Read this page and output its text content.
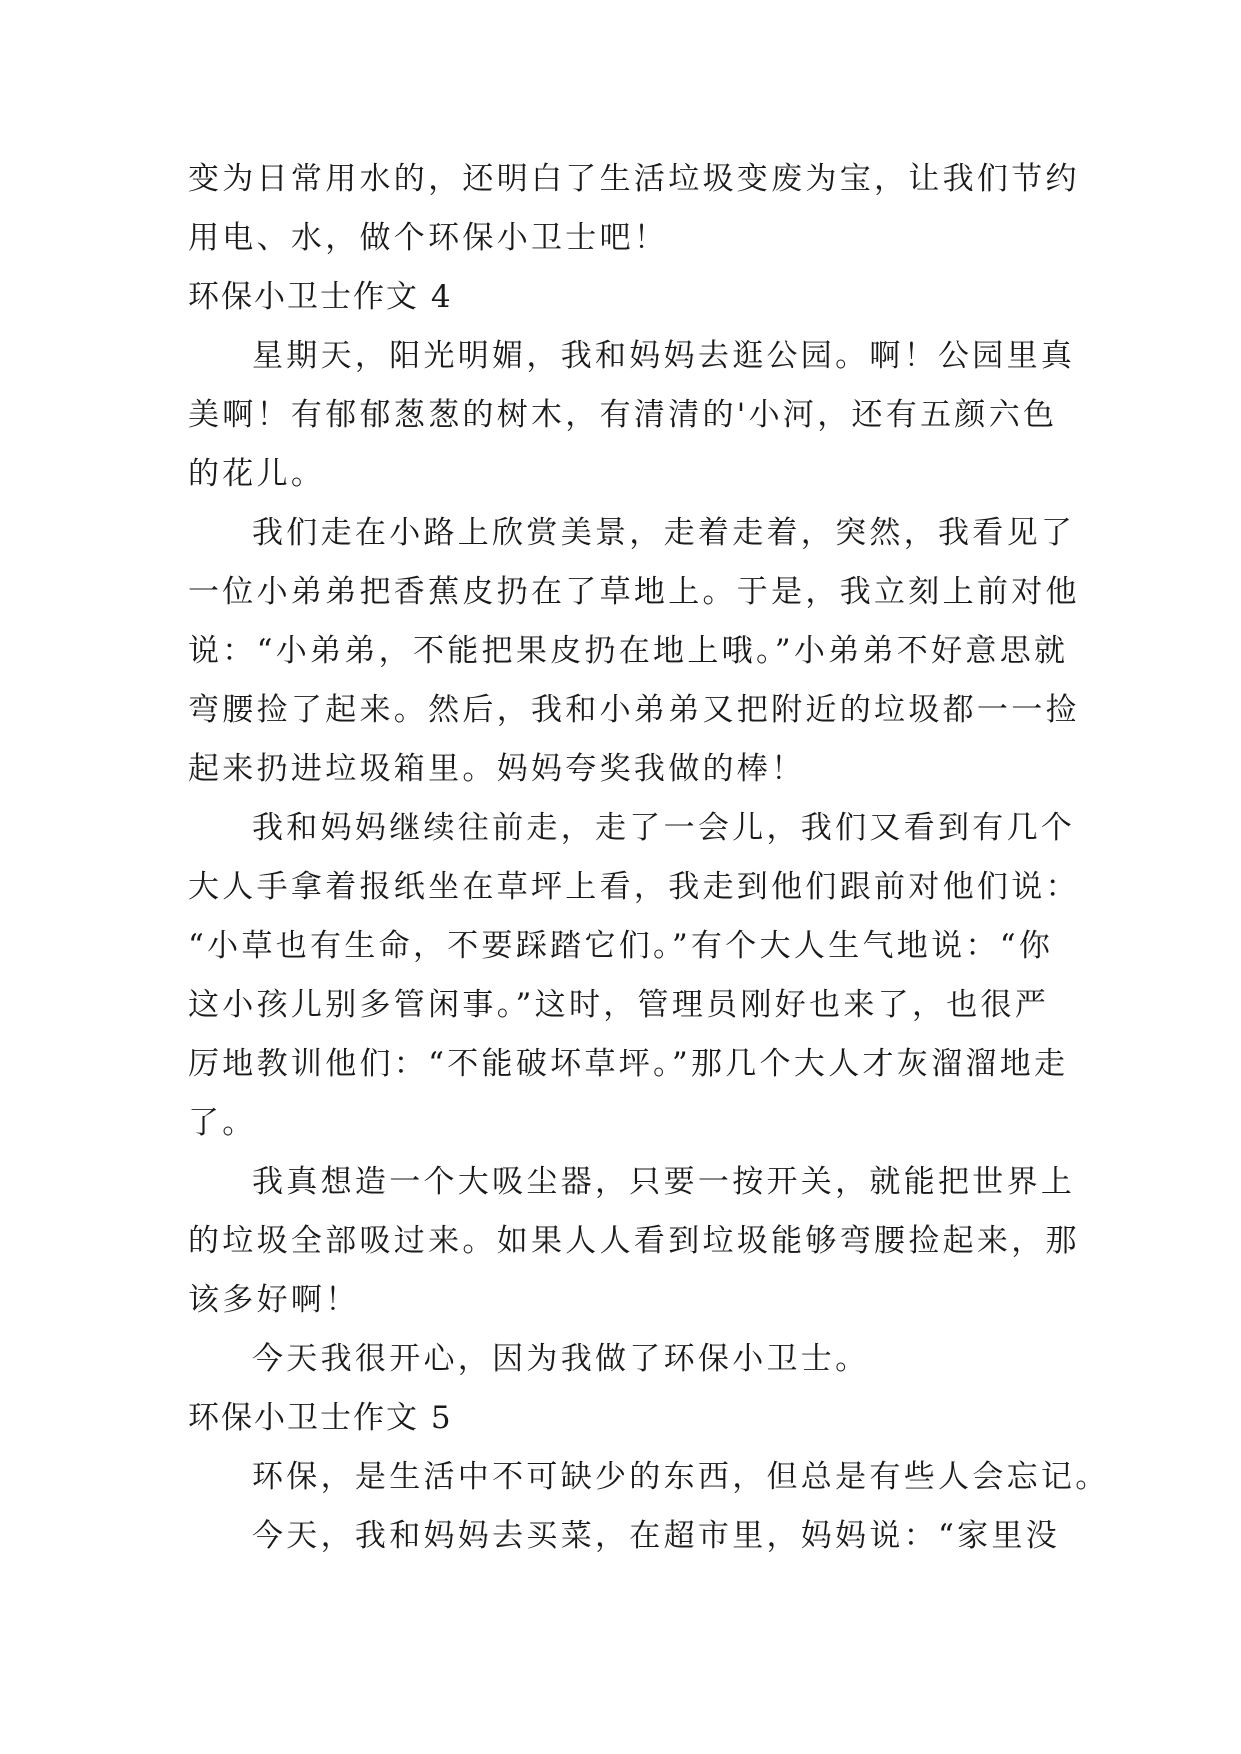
变为日常用水的，还明白了生活垃圾变废为宝，让我们节约
用电、水，做个环保小卫士吧！
环保小卫士作文 4
星期天，阳光明媚，我和妈妈去逛公园。啊！公园里真
美啊！有郁郁葱葱的树木，有清清的'小河，还有五颜六色
的花儿。
我们走在小路上欣赏美景，走着走着，突然，我看见了
一位小弟弟把香蕉皮扔在了草地上。于是，我立刻上前对他
说：“小弟弟，不能把果皮扔在地上哦。”小弟弟不好意思就
弯腰捡了起来。然后，我和小弟弟又把附近的垃圾都一一捡
起来扔进垃圾箱里。妈妈夸奖我做的棒！
我和妈妈继续往前走，走了一会儿，我们又看到有几个
大人手拿着报纸坐在草坪上看，我走到他们跟前对他们说：
“小草也有生命，不要踩踏它们。”有个大人生气地说：“你
这小孩儿别多管闲事。”这时，管理员刚好也来了，也很严
厉地教训他们：“不能破坏草坪。”那几个大人才灰溜溜地走
了。
我真想造一个大吸尘器，只要一按开关，就能把世界上
的垃圾全部吸过来。如果人人看到垃圾能够弯腰捡起来，那
该多好啊！
今天我很开心，因为我做了环保小卫士。
环保小卫士作文 5
环保，是生活中不可缺少的东西，但总是有些人会忘记。
今天，我和妈妈去买菜，在超市里，妈妈说：“家里没
